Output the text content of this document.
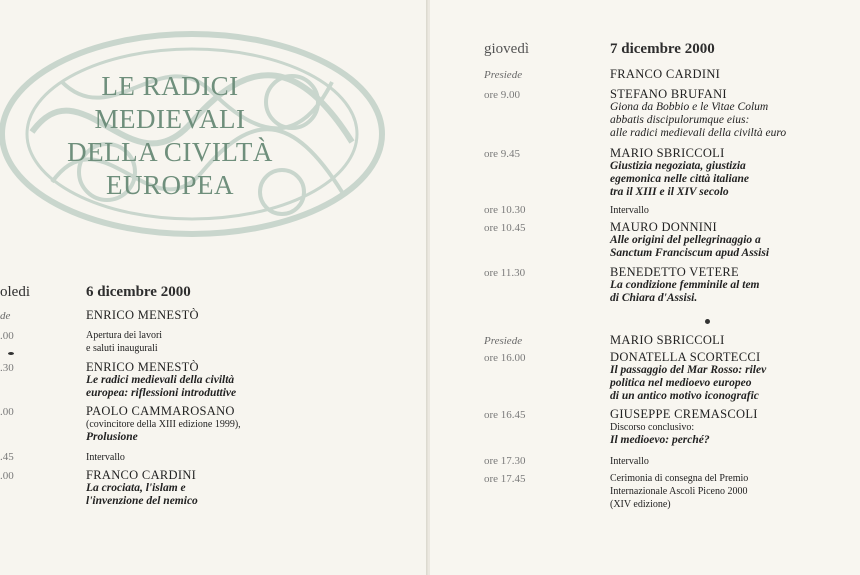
LE RADICI
MEDIEVALI
DELLA CIVILTÀ
EUROPEA
oledi	6 dicembre 2000
de	ENRICO MENESTÒ
.00	Apertura dei lavori
e saluti inaugurali
.30	ENRICO MENESTÒ
Le radici medievali della civiltà
europea: riflessioni introduttive
.00	PAOLO CAMMAROSANO
(covincitore della XIII edizione 1999),
Prolusione
.45	Intervallo
.00	FRANCO CARDINI
La crociata, l'islam e
l'invenzione del nemico
giovedì	7 dicembre 2000
Presiede	FRANCO CARDINI
ore 9.00	STEFANO BRUFANI
Giona da Bobbio e le Vitae Colum
abbatis discipulorumque eius:
alle radici medievali della civiltà euro
ore 9.45	MARIO SBRICCOLI
Giustizia negoziata, giustizia
egemonica nelle città italiane
tra il XIII e il XIV secolo
ore 10.30	Intervallo
ore 10.45	MAURO DONNINI
Alle origini del pellegrinaggio a
Sanctum Franciscum apud Assisi
ore 11.30	BENEDETTO VETERE
La condizione femminile al tem
di Chiara d'Assisi.
Presiede	MARIO SBRICCOLI
ore 16.00	DONATELLA SCORTECCI
Il passaggio del Mar Rosso: rilev
politica nel medioevo europeo
di un antico motivo iconografic
ore 16.45	GIUSEPPE CREMASCOLI
Discorso conclusivo:
Il medioevo: perché?
ore 17.30	Intervallo
ore 17.45	Cerimonia di consegna del Premio
Internazionale Ascoli Piceno 2000
(XIV edizione)
